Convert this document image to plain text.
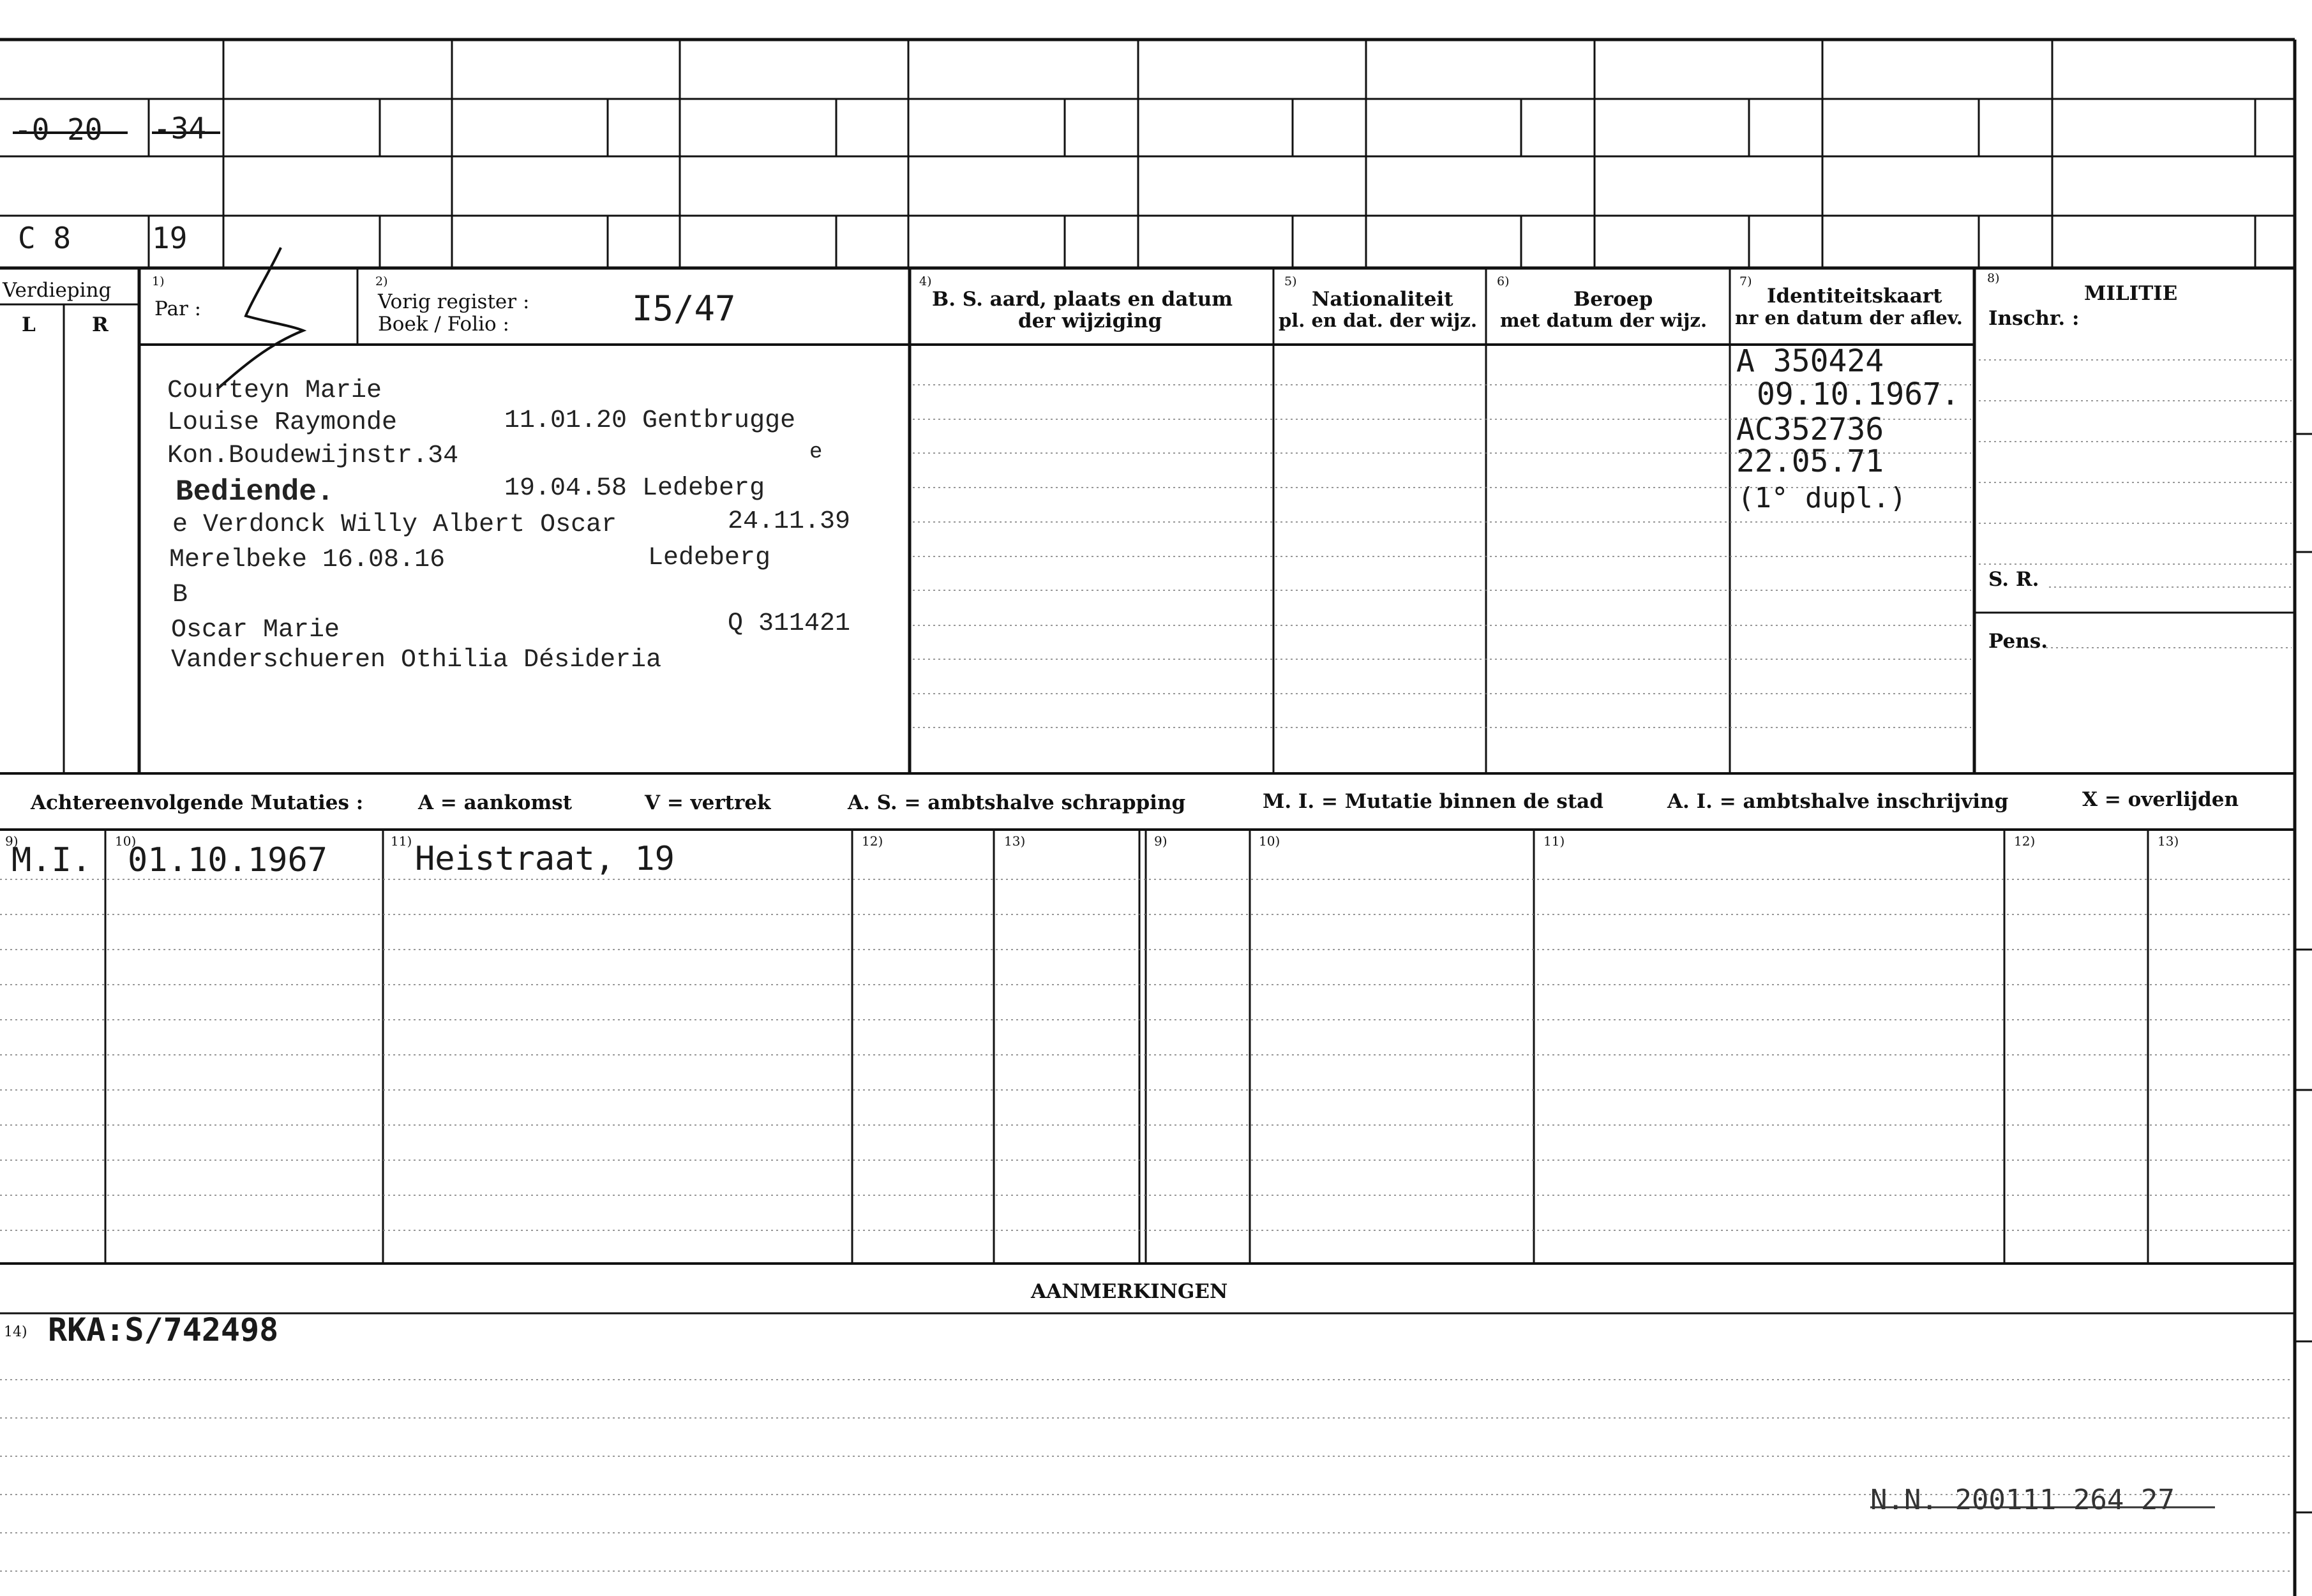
-0 20 -34
C 8	19
Verdieping
L	R
1)
Par :
2)
Vorig register :
Boek / Folio :	I5/47
4)
B. S. aard, plaats en datum
der wijziging
5)
Nationaliteit
pl. en dat. der wijz.
6)
Beroep
met datum der wijz.
7)
Identiteitskaart
nr en datum der aflev.
8)
MILITIE
Inschr. :
S. R.
Pens.
Courteyn Marie
Louise Raymonde	11.01.20 Gentbrugge
Kon.Boudewijnstr.34	e
Bediende.	19.04.58 Ledeberg
e Verdonck Willy Albert Oscar	24.11.39
Merelbeke 16.08.16	Ledeberg
B
Oscar Marie	Q 311421
Vanderschueren Othilia Désideria
A 350424
09.10.1967.
AC352736
22.05.71
(1° dupl.)
Achtereenvolgende Mutaties :	A = aankomst	V = vertrek	A. S. = ambtshalve schrapping	M. I. = Mutatie binnen de stad	A. I. = ambtshalve inschrijving	X = overlijden
9)	10)	11)	12)	13)	9)	10)	11)	12)	13)
M.I. 01.10.1967	Heistraat, 19
AANMERKINGEN
14) RKA:S/742498
N.N. 200111 264 27
